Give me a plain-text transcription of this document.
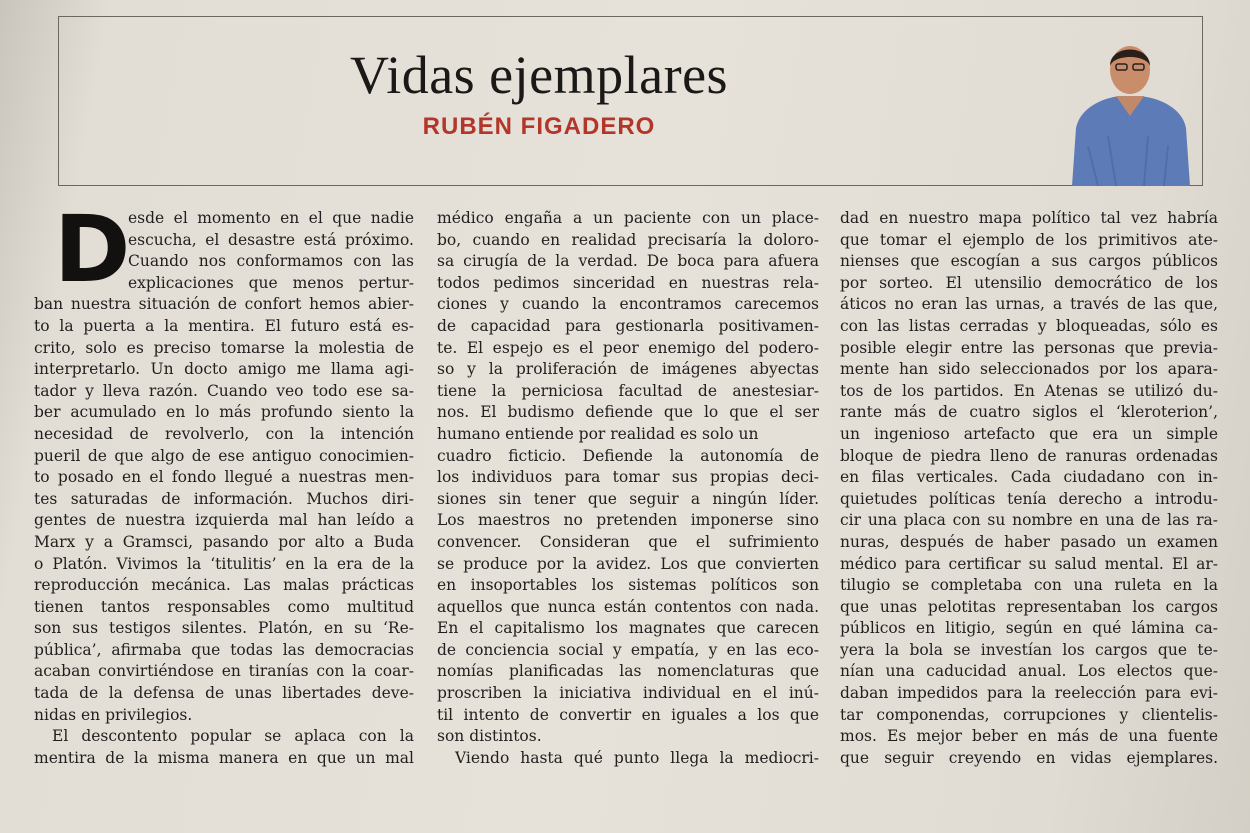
Vidas ejemplares
RUBÉN FIGADERO
D
esde el momento en el que nadie
escucha, el desastre está próximo.
Cuando nos conformamos con las
explicaciones que menos pertur-
ban nuestra situación de confort hemos abier-
to la puerta a la mentira. El futuro está es-
crito, solo es preciso tomarse la molestia de
interpretarlo. Un docto amigo me llama agi-
tador y lleva razón. Cuando veo todo ese sa-
ber acumulado en lo más profundo siento la
necesidad de revolverlo, con la intención
pueril de que algo de ese antiguo conocimien-
to posado en el fondo llegué a nuestras men-
tes saturadas de información. Muchos diri-
gentes de nuestra izquierda mal han leído a
Marx y a Gramsci, pasando por alto a Buda
o Platón. Vivimos la ‘titulitis’ en la era de la
reproducción mecánica. Las malas prácticas
tienen tantos responsables como multitud
son sus testigos silentes. Platón, en su ‘Re-
pública’, afirmaba que todas las democracias
acaban convirtiéndose en tiranías con la coar-
tada de la defensa de unas libertades deve-
nidas en privilegios.
El descontento popular se aplaca con la
mentira de la misma manera en que un mal
médico engaña a un paciente con un place-
bo, cuando en realidad precisaría la doloro-
sa cirugía de la verdad. De boca para afuera
todos pedimos sinceridad en nuestras rela-
ciones y cuando la encontramos carecemos
de capacidad para gestionarla positivamen-
te. El espejo es el peor enemigo del podero-
so y la proliferación de imágenes abyectas
tiene la perniciosa facultad de anestesiar-
nos. El budismo defiende que lo que el ser
humano entiende por realidad es solo un
cuadro ficticio. Defiende la autonomía de
los individuos para tomar sus propias deci-
siones sin tener que seguir a ningún líder.
Los maestros no pretenden imponerse sino
convencer. Consideran que el sufrimiento
se produce por la avidez. Los que convierten
en insoportables los sistemas políticos son
aquellos que nunca están contentos con nada.
En el capitalismo los magnates que carecen
de conciencia social y empatía, y en las eco-
nomías planificadas las nomenclaturas que
proscriben la iniciativa individual en el inú-
til intento de convertir en iguales a los que
son distintos.
Viendo hasta qué punto llega la mediocri-
dad en nuestro mapa político tal vez habría
que tomar el ejemplo de los primitivos ate-
nienses que escogían a sus cargos públicos
por sorteo. El utensilio democrático de los
áticos no eran las urnas, a través de las que,
con las listas cerradas y bloqueadas, sólo es
posible elegir entre las personas que previa-
mente han sido seleccionados por los apara-
tos de los partidos. En Atenas se utilizó du-
rante más de cuatro siglos el ‘kleroterion’,
un ingenioso artefacto que era un simple
bloque de piedra lleno de ranuras ordenadas
en filas verticales. Cada ciudadano con in-
quietudes políticas tenía derecho a introdu-
cir una placa con su nombre en una de las ra-
nuras, después de haber pasado un examen
médico para certificar su salud mental. El ar-
tilugio se completaba con una ruleta en la
que unas pelotitas representaban los cargos
públicos en litigio, según en qué lámina ca-
yera la bola se investían los cargos que te-
nían una caducidad anual. Los electos que-
daban impedidos para la reelección para evi-
tar componendas, corrupciones y clientelis-
mos. Es mejor beber en más de una fuente
que seguir creyendo en vidas ejemplares.
